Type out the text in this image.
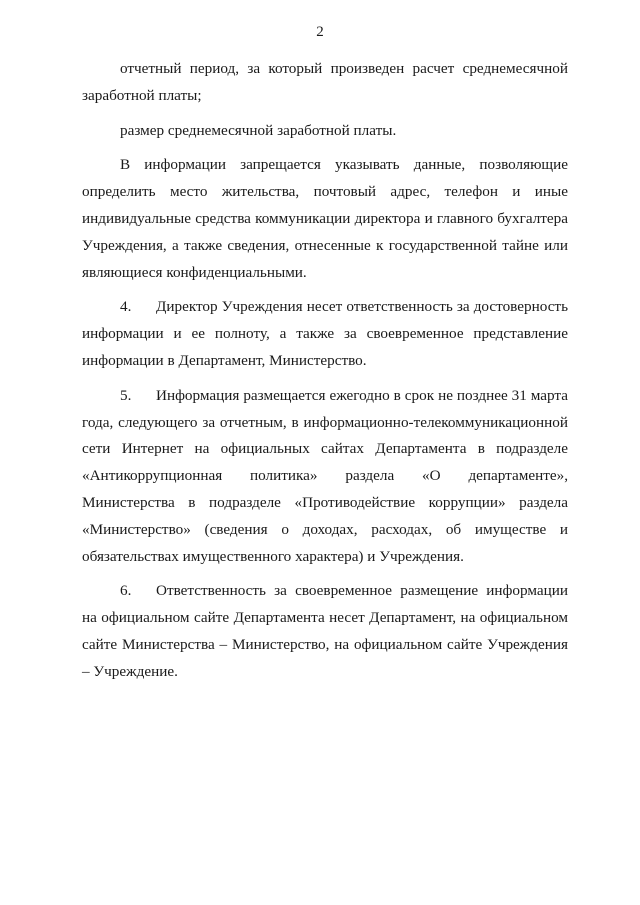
2

отчетный период, за который произведен расчет среднемесячной заработной платы;

размер среднемесячной заработной платы.

В информации запрещается указывать данные, позволяющие определить место жительства, почтовый адрес, телефон и иные индивидуальные средства коммуникации директора и главного бухгалтера Учреждения, а также сведения, отнесенные к государственной тайне или являющиеся конфиденциальными.

4. Директор Учреждения несет ответственность за достоверность информации и ее полноту, а также за своевременное представление информации в Департамент, Министерство.

5. Информация размещается ежегодно в срок не позднее 31 марта года, следующего за отчетным, в информационно-телекоммуникационной сети Интернет на официальных сайтах Департамента в подразделе «Антикоррупционная политика» раздела «О департаменте», Министерства в подразделе «Противодействие коррупции» раздела «Министерство» (сведения о доходах, расходах, об имуществе и обязательствах имущественного характера) и Учреждения.

6. Ответственность за своевременное размещение информации на официальном сайте Департамента несет Департамент, на официальном сайте Министерства – Министерство, на официальном сайте Учреждения – Учреждение.
